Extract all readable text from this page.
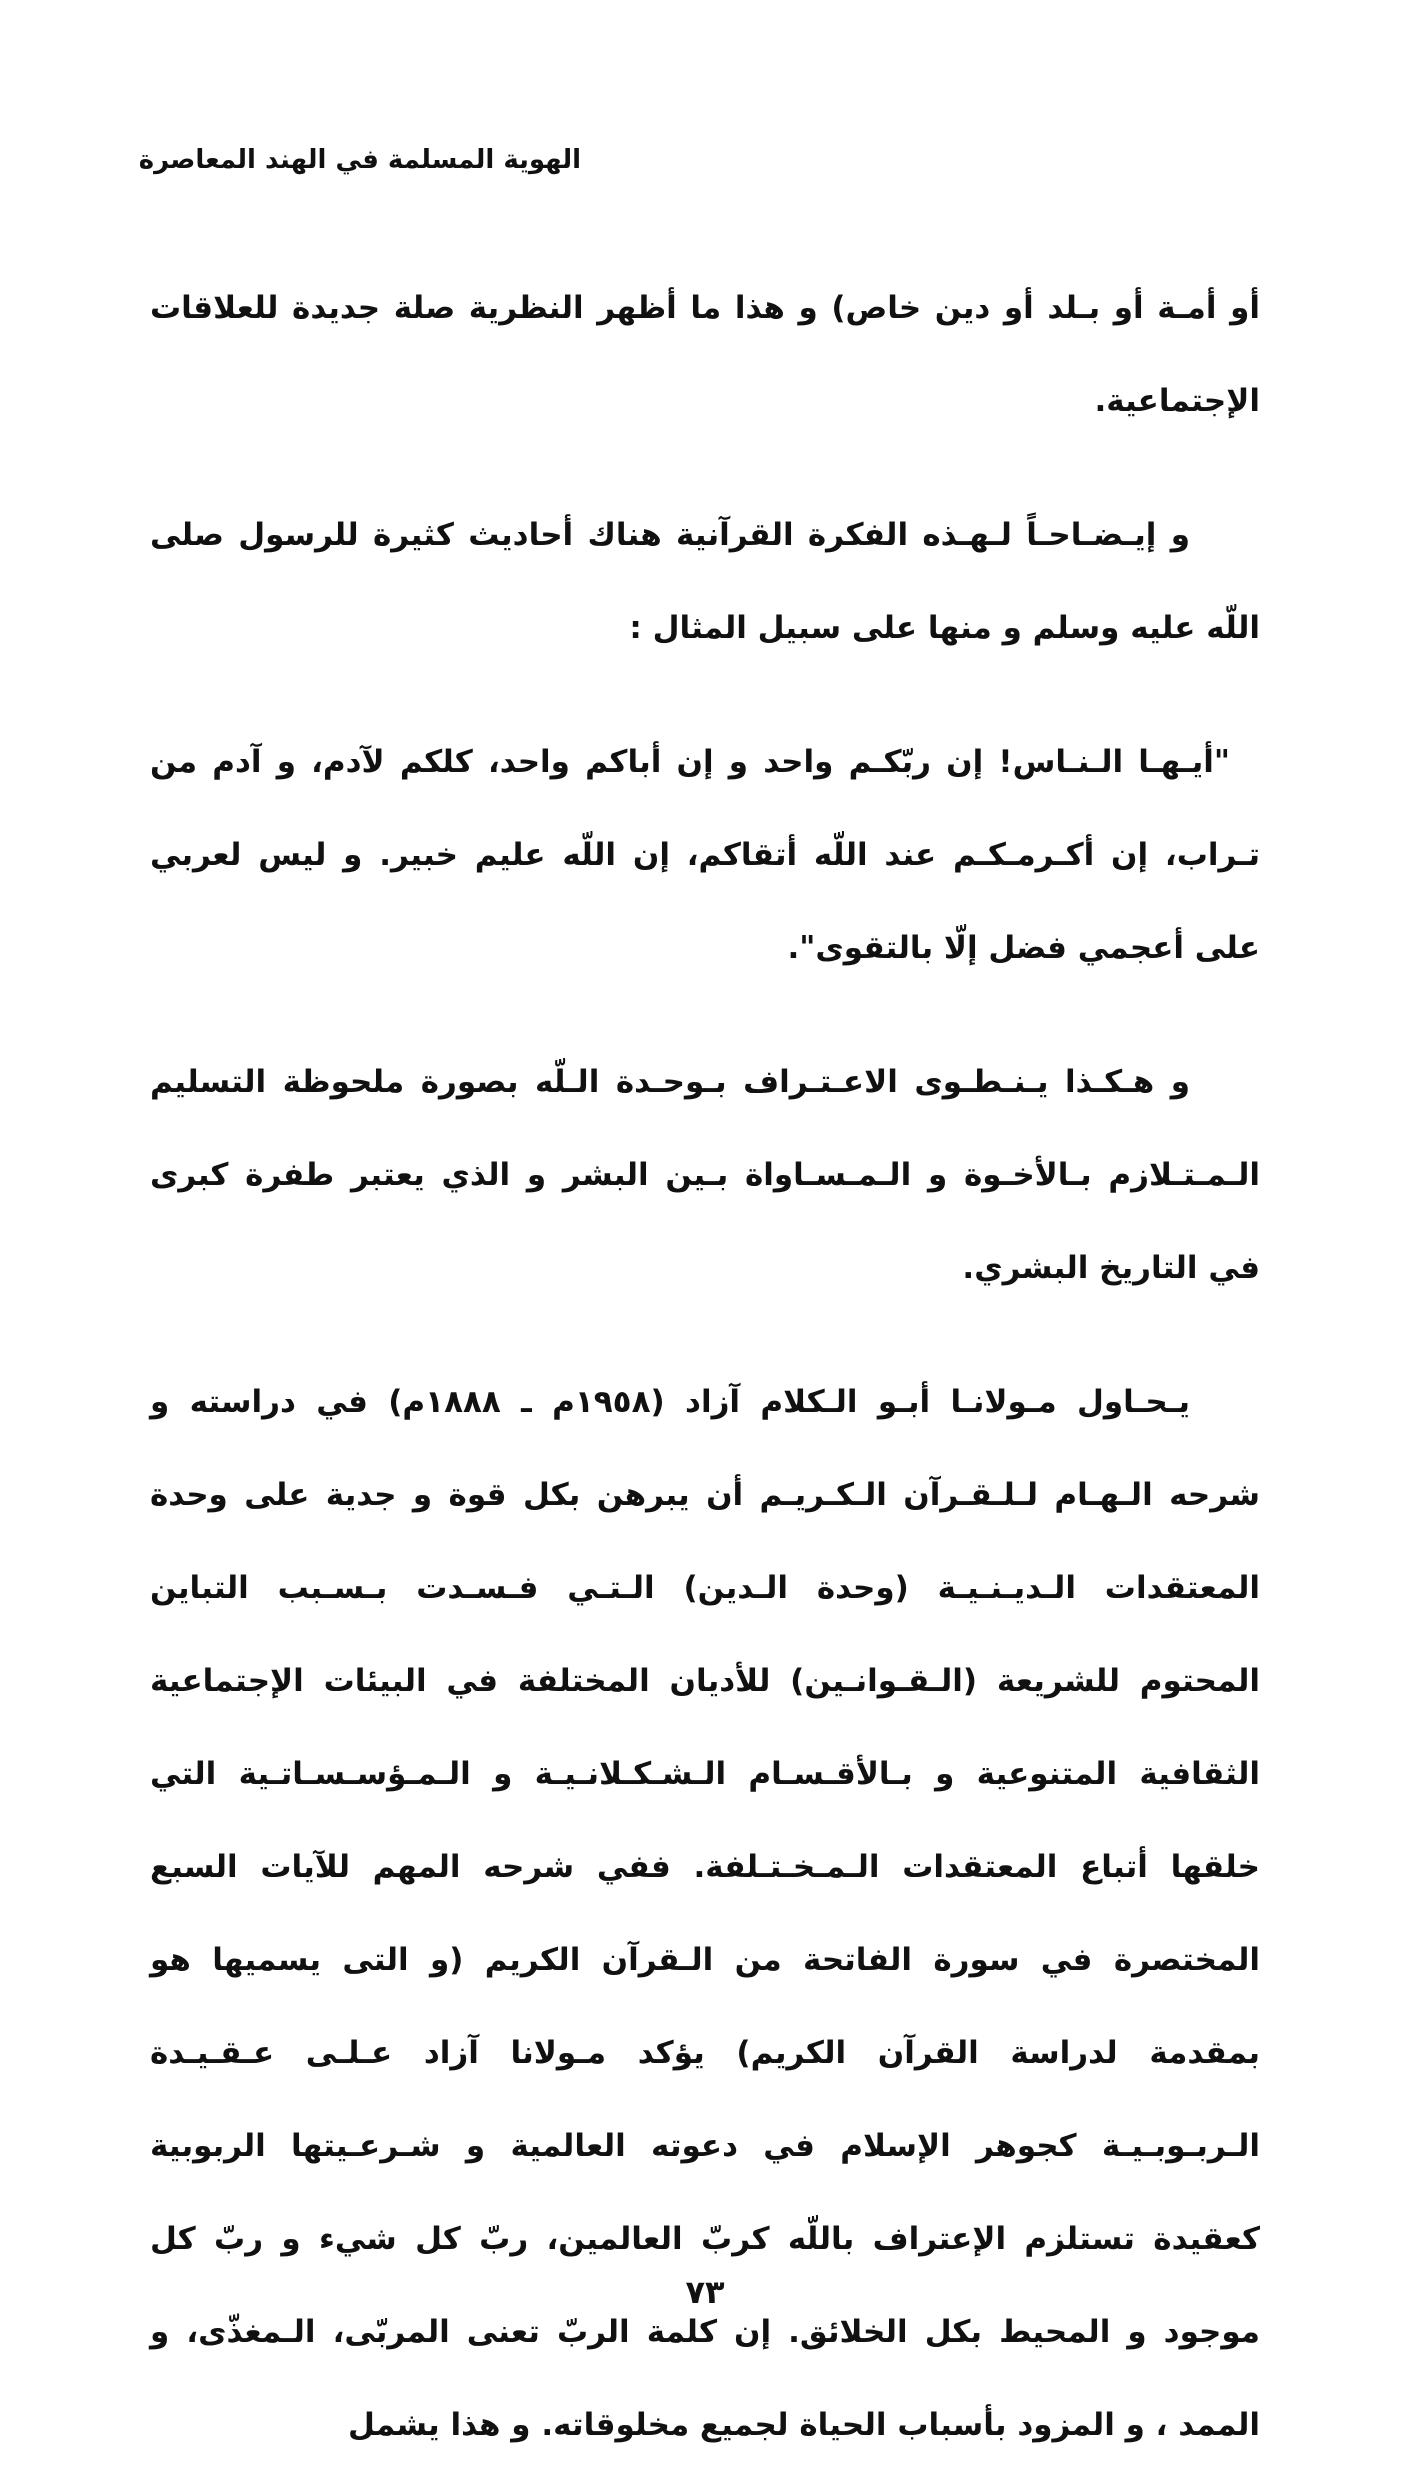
الهوية المسلمة في الهند المعاصرة

أو أمـة أو بـلد أو دين خاص) و هذا ما أظهر النظرية صلة جديدة للعلاقات الإجتماعية.

و إيـضـاحـاً لـهـذه الفكرة القرآنية هناك أحاديث كثيرة للرسول صلى اللّه عليه وسلم و منها على سبيل المثال :

"أيـهـا الـنـاس! إن ربّكـم واحد و إن أباكم واحد، كلكم لآدم، و آدم من تـراب، إن أكـرمـكـم عند اللّه أتقاكم، إن اللّه عليم خبير. و ليس لعربي على أعجمي فضل إلّا بالتقوى".

و هـكـذا يـنـطـوى الاعـتـراف بـوحـدة الـلّه بصورة ملحوظة التسليم الـمـتـلازم بـالأخـوة و الـمـسـاواة بـين البشر و الذي يعتبر طفرة كبرى في التاريخ البشري.

يـحـاول مـولانـا أبـو الـكلام آزاد (١٩٥٨م ـ ١٨٨٨م) في دراسته و شرحه الـهـام لـلـقـرآن الـكـريـم أن يبرهن بكل قوة و جدية على وحدة المعتقدات الـديـنـيـة (وحدة الـدين) الـتـي فـسـدت بـسـبب التباين المحتوم للشريعة (الـقـوانـين) للأديان المختلفة في البيئات الإجتماعية الثقافية المتنوعية و بـالأقـسـام الـشـكـلانـيـة و الـمـؤسـسـاتـية التي خلقها أتباع المعتقدات الـمـخـتـلفة. ففي شرحه المهم للآيات السبع المختصرة في سورة الفاتحة من الـقرآن الكريم (و التى يسميها هو بمقدمة لدراسة القرآن الكريم) يؤكد مـولانا آزاد عـلـى عـقـيـدة الـربـوبـيـة كجوهر الإسلام في دعوته العالمية و شـرعـيتها الربوبية كعقيدة تستلزم الإعتراف باللّه كربّ العالمين، ربّ كل شيء و ربّ كل موجود و المحيط بكل الخلائق. إن كلمة الربّ تعنى المربّى، الـمغذّى، و الممد ، و المزود بأسباب الحياة لجميع مخلوقاته. و هذا يشمل

٧٣
